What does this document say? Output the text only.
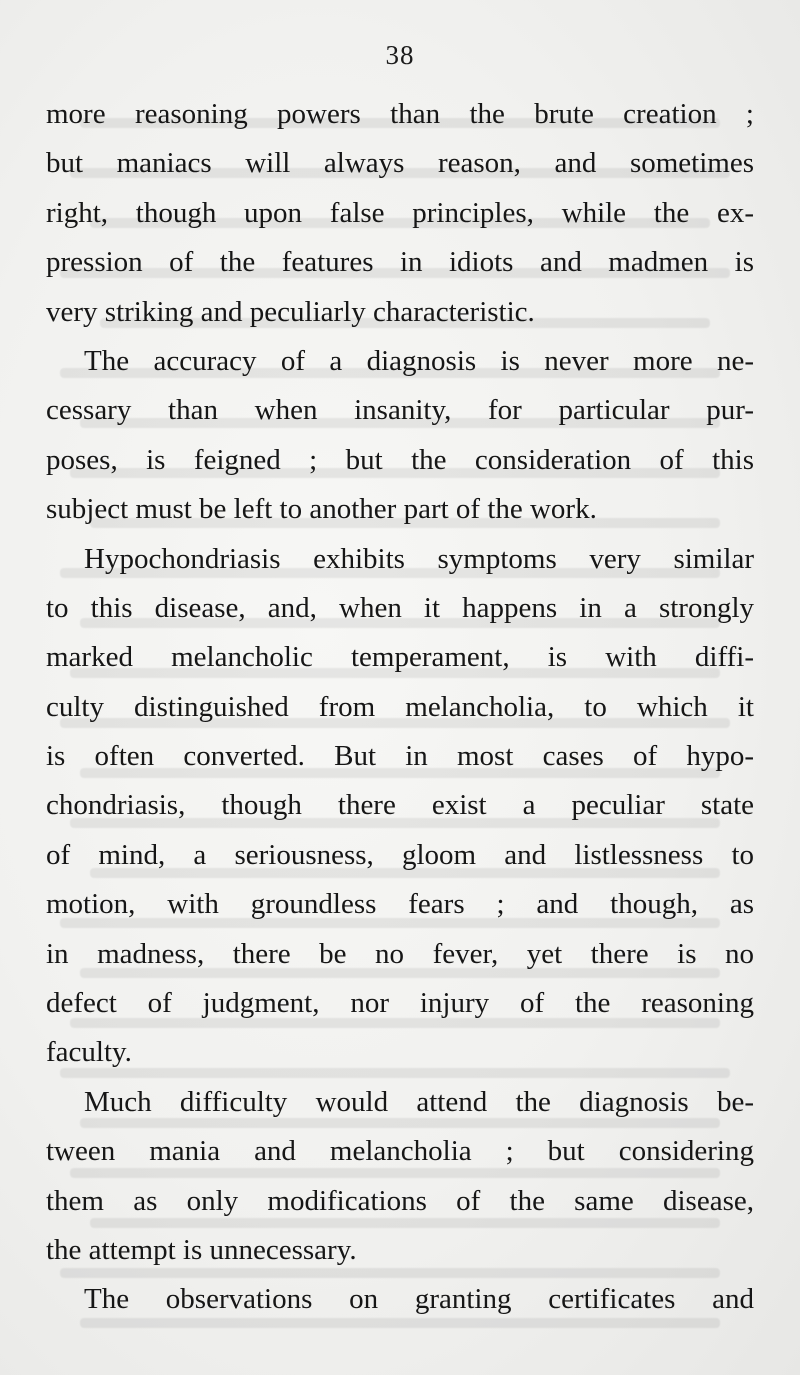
38
more reasoning powers than the brute creation ;
but maniacs will always reason, and sometimes
right, though upon false principles, while the ex-
pression of the features in idiots and madmen is
very striking and peculiarly characteristic.
The accuracy of a diagnosis is never more ne-
cessary than when insanity, for particular pur-
poses, is feigned ; but the consideration of this
subject must be left to another part of the work.
Hypochondriasis exhibits symptoms very similar
to this disease, and, when it happens in a strongly
marked melancholic temperament, is with diffi-
culty distinguished from melancholia, to which it
is often converted. But in most cases of hypo-
chondriasis, though there exist a peculiar state
of mind, a seriousness, gloom and listlessness to
motion, with groundless fears ; and though, as
in madness, there be no fever, yet there is no
defect of judgment, nor injury of the reasoning
faculty.
Much difficulty would attend the diagnosis be-
tween mania and melancholia ; but considering
them as only modifications of the same disease,
the attempt is unnecessary.
The observations on granting certificates and
